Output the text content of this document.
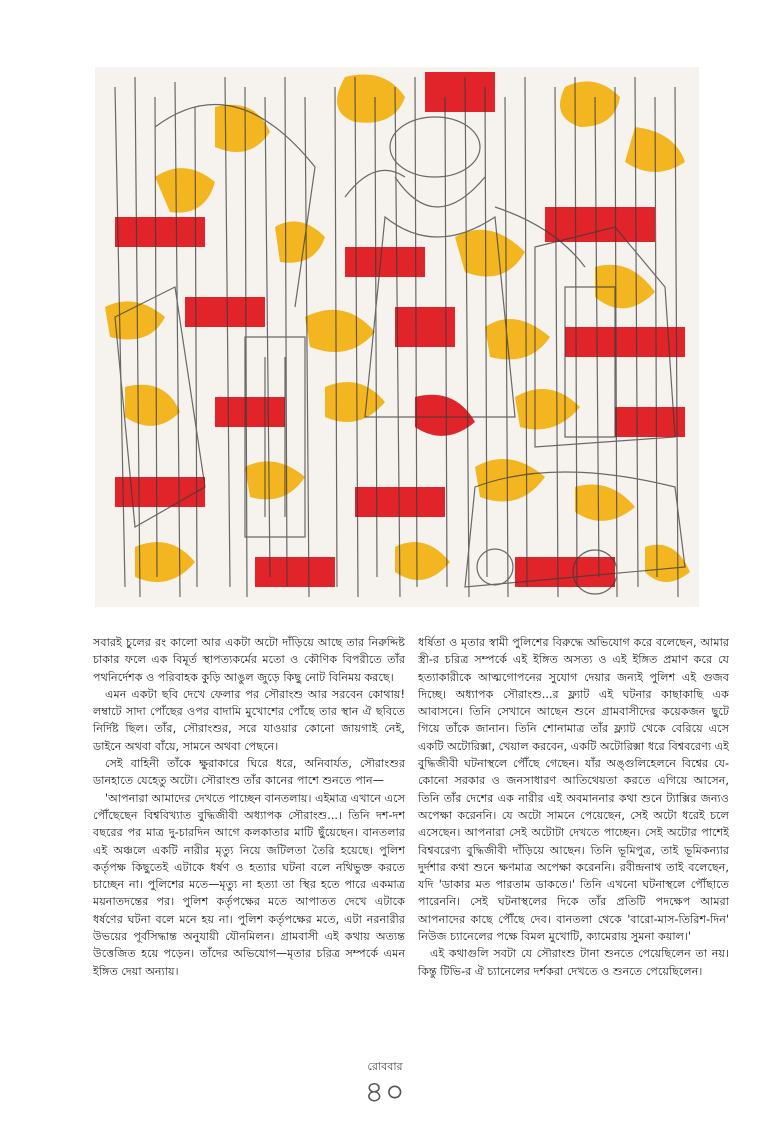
সবারই চুলের রং কালো আর একটা অটো দাঁড়িয়ে আছে তার নিরুদ্দিষ্ট চাকার ফলে এক বিমূর্ত স্থাপত্যকর্মের মতো ও কৌণিক বিপরীতে তাঁর পথনির্দেশক ও পরিবাহক কুড়ি আঙুল জুড়ে কিছু নোট বিনিময় করছে।

এমন একটা ছবি দেখে ফেলার পর সৌরাংশু আর সরবেন কোথায়! লম্বাটে সাদা পোঁছের ওপর বাদামি মুখোশের পোঁছে তার স্থান ঐ ছবিতে নির্দিষ্ট ছিল। তাঁর, সৌরাংশুর, সরে যাওয়ার কোনো জায়গাই নেই, ডাইনে অথবা বাঁয়ে, সামনে অথবা পেছনে।

সেই বাহিনী তাঁকে ক্ষুরাকারে ঘিরে ধরে, অনিবার্যত, সৌরাংশুর ডানহাতে যেহেতু অটো। সৌরাংশু তাঁর কানের পাশে শুনতে পান—

'আপনারা আমাদের দেখতে পাচ্ছেন বানতলায়। এইমাত্র এখানে এসে পৌঁছেছেন বিশ্ববিখ্যাত বুদ্ধিজীবী অধ্যাপক সৌরাংশু...। তিনি দশ-দশ বছরের পর মাত্র দু-চারদিন আগে কলকাতার মাটি ছুঁয়েছেন। বানতলার এই অঞ্চলে একটি নারীর মৃত্যু নিয়ে জটিলতা তৈরি হয়েছে। পুলিশ কর্তৃপক্ষ কিছুতেই এটাকে ধর্ষণ ও হত্যার ঘটনা বলে নথিভুক্ত করতে চাচ্ছেন না। পুলিশের মতে—মৃত্যু না হত্যা তা স্থির হতে পারে একমাত্র ময়নাতদন্তের পর। পুলিশ কর্তৃপক্ষের মতে আপাতত দেখে এটাকে ধর্ষণের ঘটনা বলে মনে হয় না। পুলিশ কর্তৃপক্ষের মতে, এটা নরনারীর উভয়ের পূর্বসিদ্ধান্ত অনুযায়ী যৌনমিলন। গ্রামবাসী এই কথায় অত্যন্ত উত্তেজিত হয়ে পড়েন। তাঁদের অভিযোগ—মৃতার চরিত্র সম্পর্কে এমন ইঙ্গিত দেয়া অন্যায়।

ধর্ষিতা ও মৃতার স্বামী পুলিশের বিরুদ্ধে অভিযোগ করে বলেছেন, আমার স্ত্রী-র চরিত্র সম্পর্কে এই ইঙ্গিত অসত্য ও এই ইঙ্গিত প্রমাণ করে যে হত্যাকারীকে আত্মগোপনের সুযোগ দেয়ার জন্যই পুলিশ এই গুজব দিচ্ছে। অধ্যাপক সৌরাংশু...র ফ্ল্যাট এই ঘটনার কাছাকাছি এক আবাসনে। তিনি সেখানে আছেন শুনে গ্রামবাসীদের কয়েকজন ছুটে গিয়ে তাঁকে জানান। তিনি শোনামাত্র তাঁর ফ্ল্যাট থেকে বেরিয়ে এসে একটি অটোরিক্সা, খেয়াল করবেন, একটি অটোরিক্সা ধরে বিশ্ববরেণ্য এই বুদ্ধিজীবী ঘটনাস্থলে পৌঁছে গেছেন। যাঁর অঙ্গুলিহেলনে বিশ্বের যে-কোনো সরকার ও জনসাধারণ আতিথেয়তা করতে এগিয়ে আসেন, তিনি তাঁর দেশের এক নারীর এই অবমাননার কথা শুনে ট্যাক্সির জন্যও অপেক্ষা করেননি। যে অটো সামনে পেয়েছেন, সেই অটো ধরেই চলে এসেছেন। আপনারা সেই অটোটা দেখতে পাচ্ছেন। সেই অটোর পাশেই বিশ্ববরেণ্য বুদ্ধিজীবী দাঁড়িয়ে আছেন। তিনি ভূমিপুত্র, তাই ভূমিকন্যার দুর্দশার কথা শুনে ক্ষণমাত্র অপেক্ষা করেননি। রবীন্দ্রনাথ তাই বলেছেন, যদি 'ডাকার মত পারতাম ডাকতে।' তিনি এখনো ঘটনাস্থলে পৌঁছাতে পারেননি। সেই ঘটনাস্থলের দিকে তাঁর প্রতিটি পদক্ষেপ আমরা আপনাদের কাছে পৌঁছে দেব। বানতলা থেকে 'বারো-মাস-তিরিশ-দিন' নিউজ চ্যানেলের পক্ষে বিমল মুখোটি, ক্যামেরায় সুমনা কয়াল।'

এই কথাগুলি সবটা যে সৌরাংশু টানা শুনতে পেয়েছিলেন তা নয়। কিন্তু টিভি-র ঐ চ্যানেলের দর্শকরা দেখতে ও শুনতে পেয়েছিলেন।

রোববার
৪০
